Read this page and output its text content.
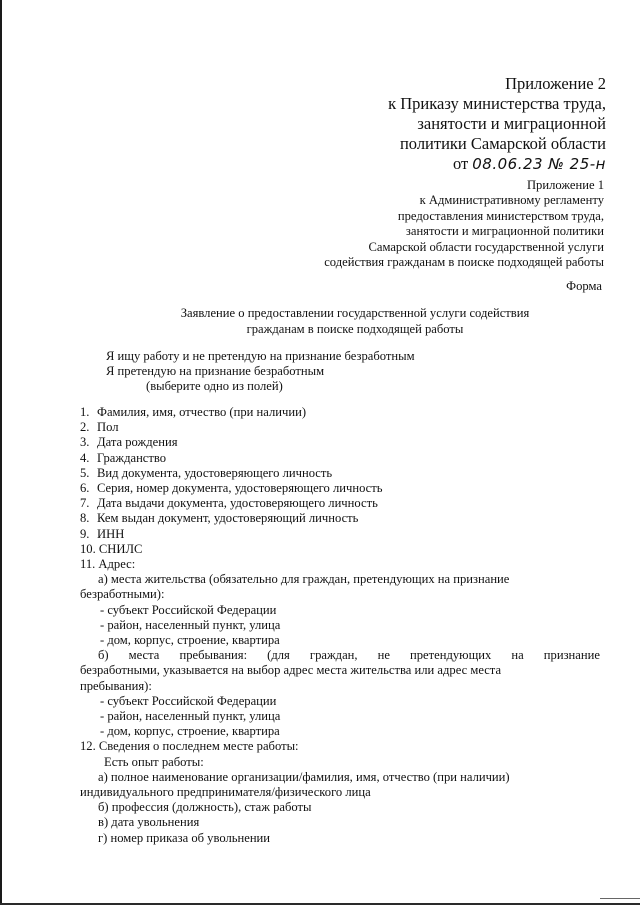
Приложение 2
к Приказу министерства труда,
занятости и миграционной
политики Самарской области
от 08.06.23 № 25-н
Приложение 1
к Административному регламенту
предоставления министерством труда,
занятости и миграционной политики
Самарской области государственной услуги
содействия гражданам в поиске подходящей работы
Форма
Заявление о предоставлении государственной услуги содействия
гражданам в поиске подходящей работы
Я ищу работу и не претендую на признание безработным
Я претендую на признание безработным
(выберите одно из полей)
1. Фамилия, имя, отчество (при наличии)
2. Пол
3. Дата рождения
4. Гражданство
5. Вид документа, удостоверяющего личность
6. Серия, номер документа, удостоверяющего личность
7. Дата выдачи документа, удостоверяющего личность
8. Кем выдан документ, удостоверяющий личность
9. ИНН
10. СНИЛС
11. Адрес:
а) места жительства (обязательно для граждан, претендующих на признание
безработными):
- субъект Российской Федерации
- район, населенный пункт, улица
- дом, корпус, строение, квартира
б) места пребывания: (для граждан, не претендующих на признание
безработными, указывается на выбор адрес места жительства или адрес места
пребывания):
- субъект Российской Федерации
- район, населенный пункт, улица
- дом, корпус, строение, квартира
12. Сведения о последнем месте работы:
Есть опыт работы:
а) полное наименование организации/фамилия, имя, отчество (при наличии)
индивидуального предпринимателя/физического лица
б) профессия (должность), стаж работы
в) дата увольнения
г) номер приказа об увольнении
